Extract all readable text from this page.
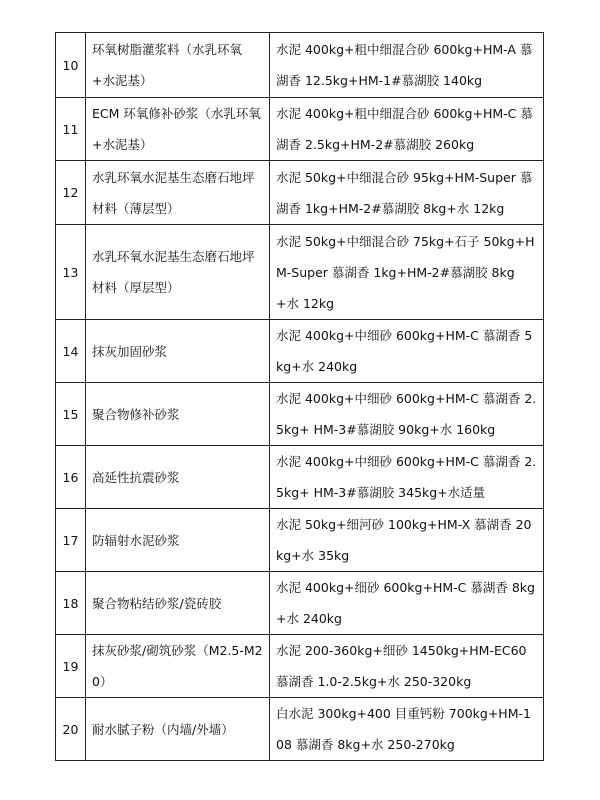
10	环氧树脂灌浆料（水乳环氧+水泥基）	水泥 400kg+粗中细混合砂 600kg+HM-A 慕湖香 12.5kg+HM-1#慕湖胶 140kg
11	ECM 环氧修补砂浆（水乳环氧+水泥基）	水泥 400kg+粗中细混合砂 600kg+HM-C 慕湖香 2.5kg+HM-2#慕湖胶 260kg
12	水乳环氧水泥基生态磨石地坪材料（薄层型）	水泥 50kg+中细混合砂 95kg+HM-Super 慕湖香 1kg+HM-2#慕湖胶 8kg+水 12kg
13	水乳环氧水泥基生态磨石地坪材料（厚层型）	水泥 50kg+中细混合砂 75kg+石子 50kg+HM-Super 慕湖香 1kg+HM-2#慕湖胶 8kg+水 12kg
14	抹灰加固砂浆	水泥 400kg+中细砂 600kg+HM-C 慕湖香 5kg+水 240kg
15	聚合物修补砂浆	水泥 400kg+中细砂 600kg+HM-C 慕湖香 2.5kg+ HM-3#慕湖胶 90kg+水 160kg
16	高延性抗震砂浆	水泥 400kg+中细砂 600kg+HM-C 慕湖香 2.5kg+ HM-3#慕湖胶 345kg+水适量
17	防辐射水泥砂浆	水泥 50kg+细河砂 100kg+HM-X 慕湖香 20kg+水 35kg
18	聚合物粘结砂浆/瓷砖胶	水泥 400kg+细砂 600kg+HM-C 慕湖香 8kg+水 240kg
19	抹灰砂浆/砌筑砂浆（M2.5-M20）	水泥 200-360kg+细砂 1450kg+HM-EC60 慕湖香 1.0-2.5kg+水 250-320kg
20	耐水腻子粉（内墙/外墙）	白水泥 300kg+400 目重钙粉 700kg+HM-108 慕湖香 8kg+水 250-270kg
